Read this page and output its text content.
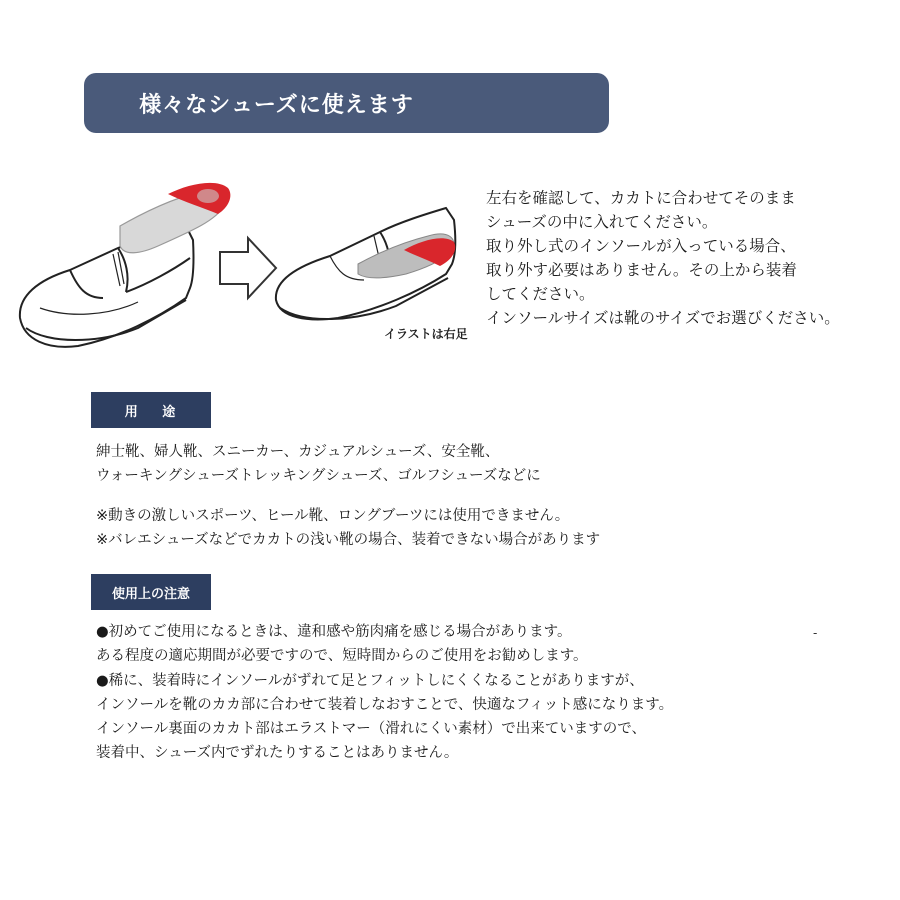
様々なシューズに使えます
イラストは右足
左右を確認して、カカトに合わせてそのまま
シューズの中に入れてください。
取り外し式のインソールが入っている場合、
取り外す必要はありません。その上から装着
してください。
インソールサイズは靴のサイズでお選びください。
用 途
紳士靴、婦人靴、スニーカー、カジュアルシューズ、安全靴、
ウォーキングシューズトレッキングシューズ、ゴルフシューズなどに
※動きの激しいスポーツ、ヒール靴、ロングブーツには使用できません。
※バレエシューズなどでカカトの浅い靴の場合、装着できない場合があります
使用上の注意
●初めてご使用になるときは、違和感や筋肉痛を感じる場合があります。
ある程度の適応期間が必要ですので、短時間からのご使用をお勧めします。
-
●稀に、装着時にインソールがずれて足とフィットしにくくなることがありますが、
インソールを靴のカカ部に合わせて装着しなおすことで、快適なフィット感になります。
インソール裏面のカカト部はエラストマー（滑れにくい素材）で出来ていますので、
装着中、シューズ内でずれたりすることはありません。
